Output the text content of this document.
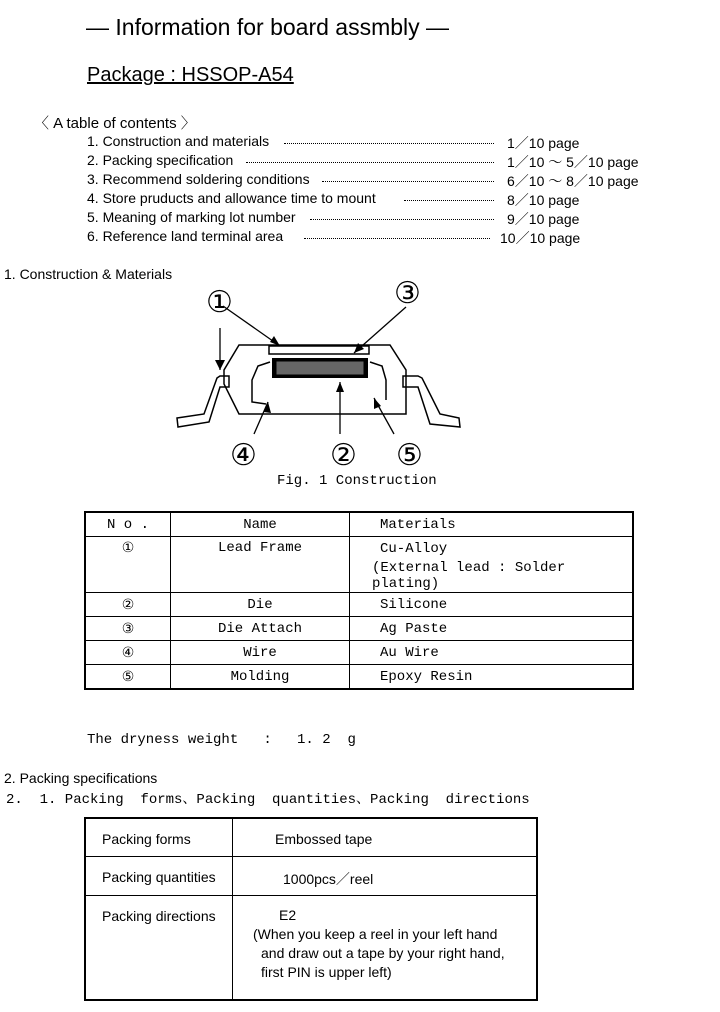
— Information for board assmbly —
Package : HSSOP-A54
〈 A table of contents 〉
1. Construction and materials	1／10 page
2. Packing specification	1／10 ～ 5／10 page
3. Recommend soldering conditions	6／10 ～ 8／10 page
4. Store pruducts and allowance time to mount	8／10 page
5. Meaning of marking lot number	9／10 page
6. Reference land terminal area	10／10 page
1. Construction & Materials
①
②
③
④	⑤
Fig. 1 Construction
N o .	Name	Materials
①	Lead Frame	Cu-Alloy
		(External lead : Solder plating)
②	Die	Silicone
③	Die Attach	Ag Paste
④	Wire	Au Wire
⑤	Molding	Epoxy Resin
The dryness weight   :   1. 2  g
2. Packing specifications
2.  1. Packing  forms、Packing  quantities、Packing  directions
Packing forms	Embossed tape
Packing quantities	1000pcs／reel
Packing directions	E2
(When you keep a reel in your left hand
and draw out a tape by your right hand,
first PIN is upper left)
